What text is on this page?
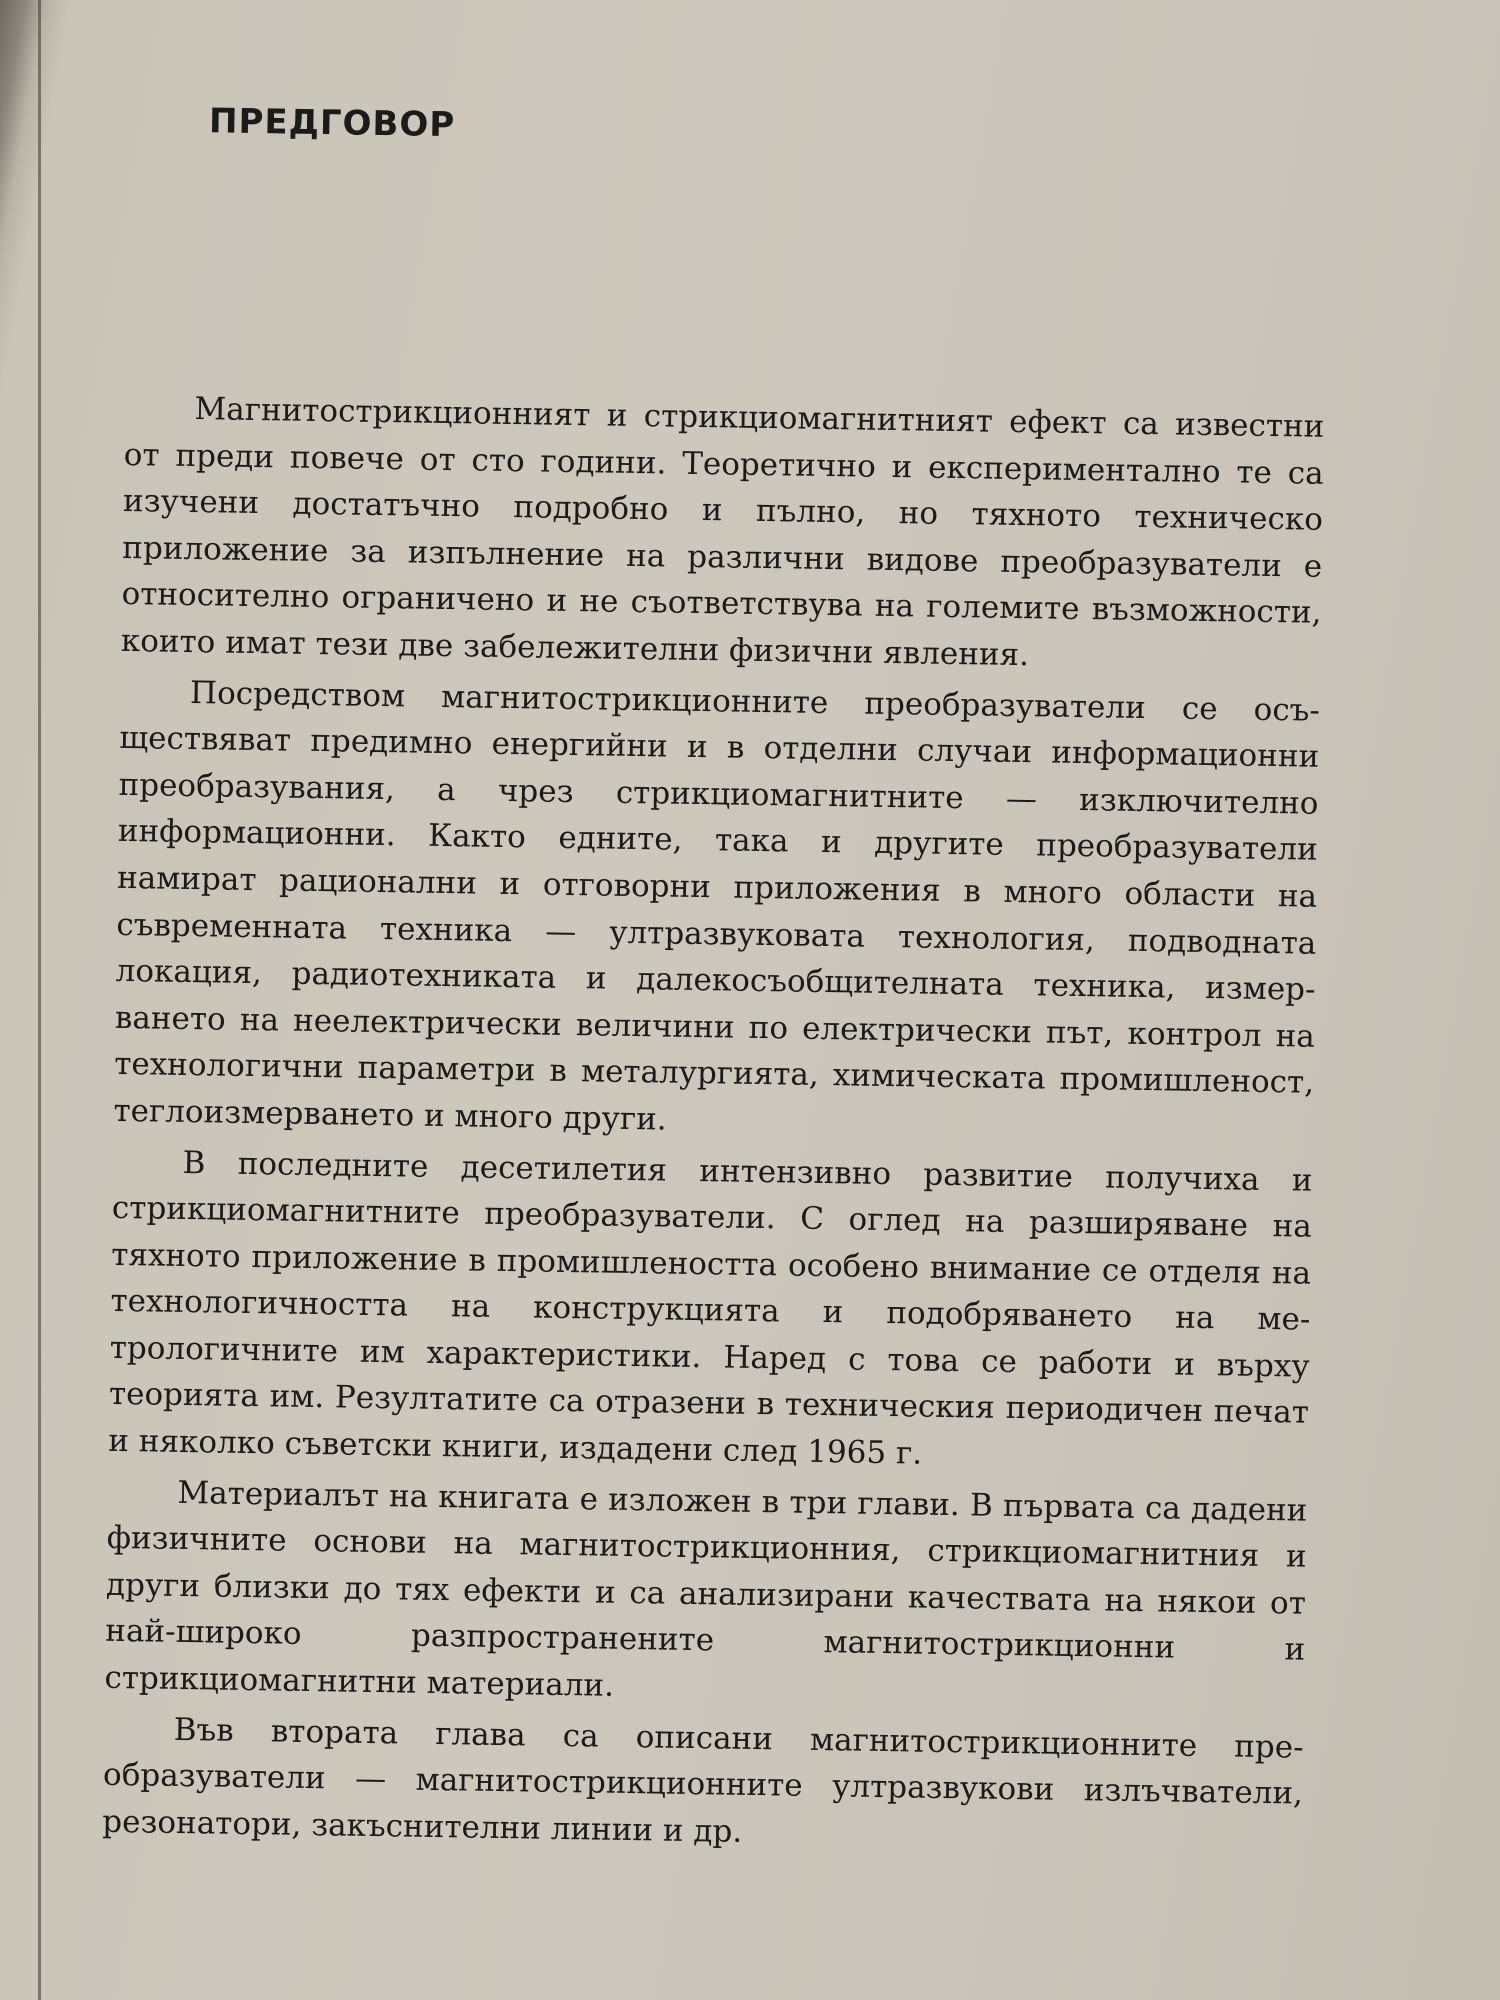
ПРЕДГОВОР

Магнитострикционният и стрикциомагнитният ефект са известни от преди повече от сто години. Теоретично и експериментално те са изучени достатъчно подробно и пълно, но тяхното техническо приложение за изпълнение на различни видове преобразуватели е относително ограничено и не съответствува на големите възможности, които имат тези две забележителни физични явления.

Посредством магнитострикционните преобразуватели се осъществяват предимно енергийни и в отделни случаи информационни преобразувания, а чрез стрикциомагнитните — изключително информационни. Както едните, така и другите преобразуватели намират рационални и отговорни приложения в много области на съвременната техника — ултразвуковата технология, подводната локация, радиотехниката и далекосъобщителната техника, измерването на неелектрически величини по електрически път, контрол на технологични параметри в металургията, химическата промишленост, теглоизмерването и много други.

В последните десетилетия интензивно развитие получиха и стрикциомагнитните преобразуватели. С оглед на разширяване на тяхното приложение в промишлеността особено внимание се отделя на технологичността на конструкцията и подобряването на метрологичните им характеристики. Наред с това се работи и върху теорията им. Резултатите са отразени в техническия периодичен печат и няколко съветски книги, издадени след 1965 г.

Материалът на книгата е изложен в три глави. В първата са дадени физичните основи на магнитострикционния, стрикциомагнитния и други близки до тях ефекти и са анализирани качествата на някои от най-широко разпространените магнитострикционни и стрикциомагнитни материали.

Във втората глава са описани магнитострикционните преобразуватели — магнитострикционните ултразвукови излъчватели, резонатори, закъснителни линии и др.
